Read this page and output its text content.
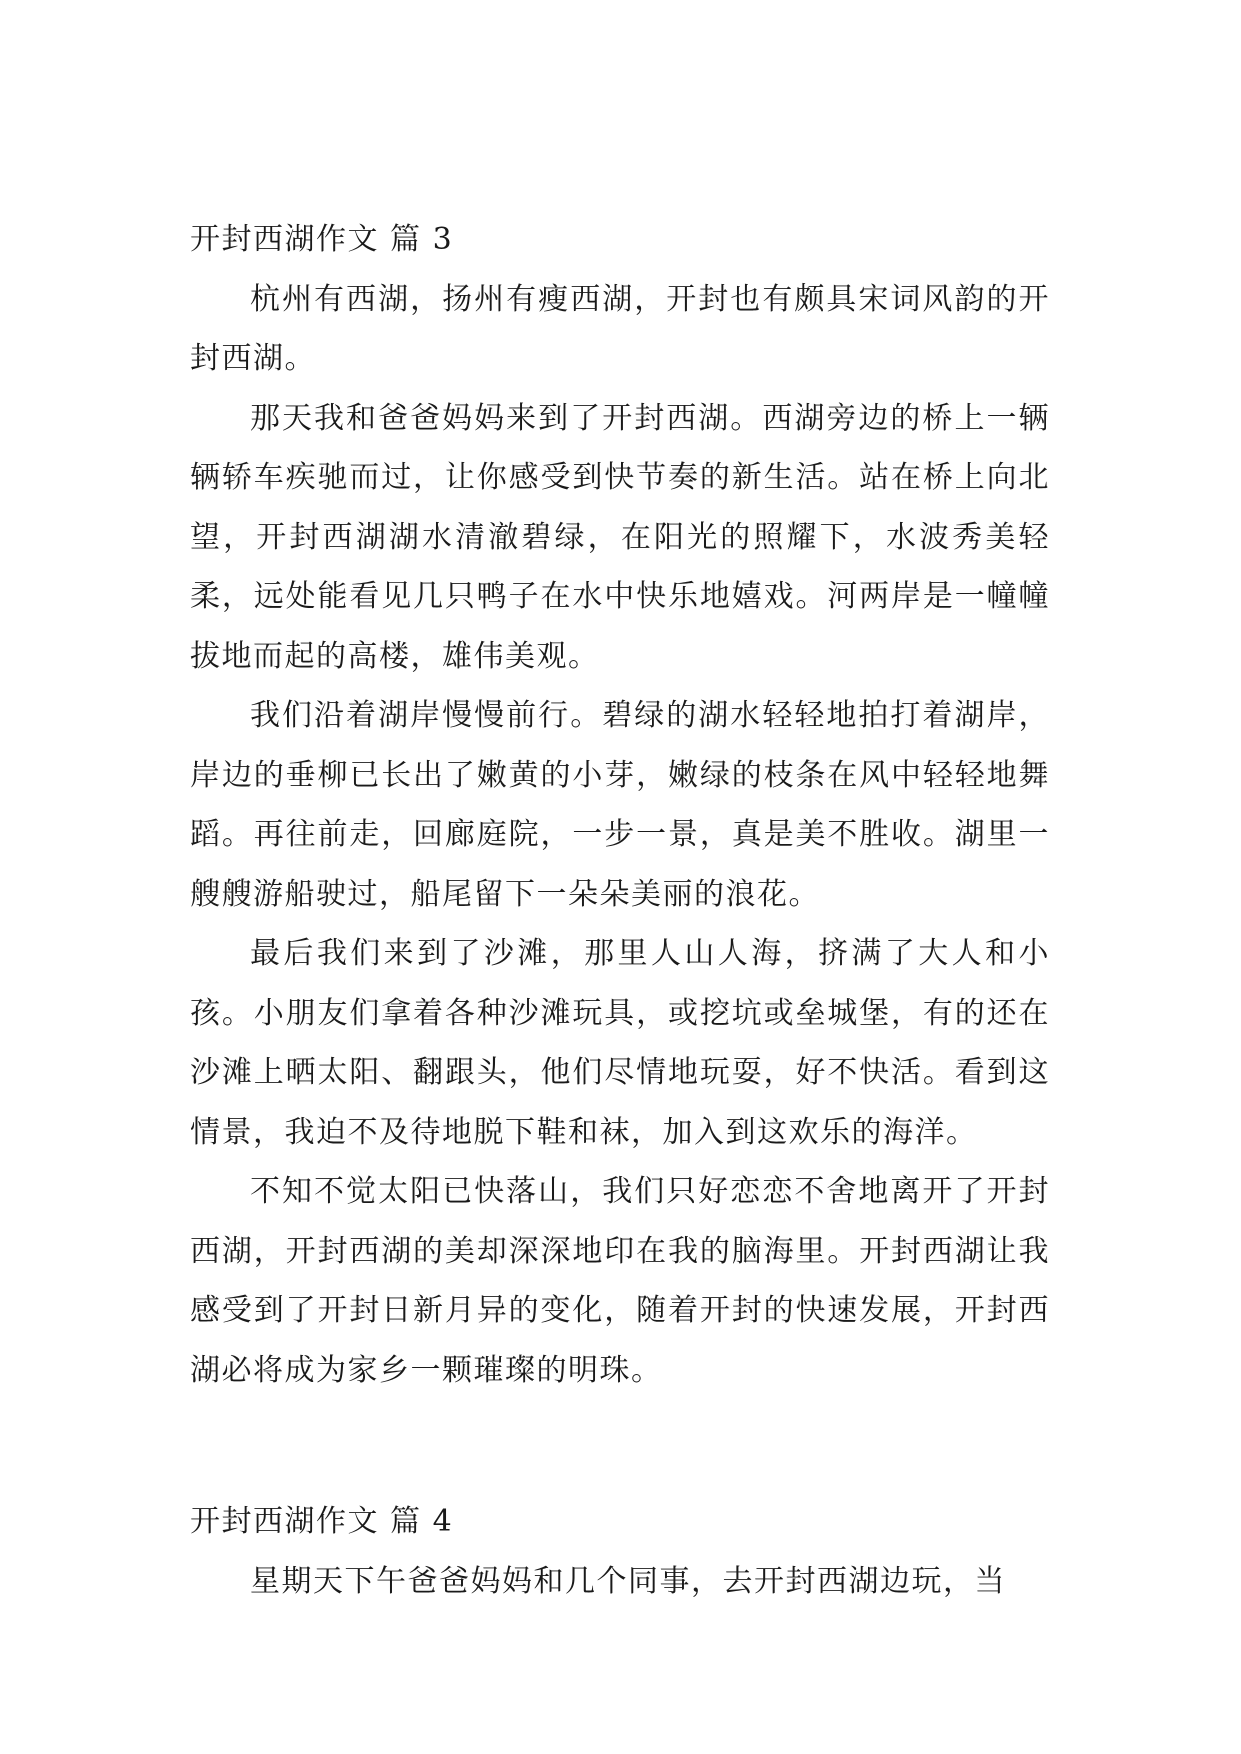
开封西湖作文 篇 3

杭州有西湖，扬州有瘦西湖，开封也有颇具宋词风韵的开封西湖。

那天我和爸爸妈妈来到了开封西湖。西湖旁边的桥上一辆辆轿车疾驰而过，让你感受到快节奏的新生活。站在桥上向北望，开封西湖湖水清澈碧绿，在阳光的照耀下，水波秀美轻柔，远处能看见几只鸭子在水中快乐地嬉戏。河两岸是一幢幢拔地而起的高楼，雄伟美观。

我们沿着湖岸慢慢前行。碧绿的湖水轻轻地拍打着湖岸，岸边的垂柳已长出了嫩黄的小芽，嫩绿的枝条在风中轻轻地舞蹈。再往前走，回廊庭院，一步一景，真是美不胜收。湖里一艘艘游船驶过，船尾留下一朵朵美丽的浪花。

最后我们来到了沙滩，那里人山人海，挤满了大人和小孩。小朋友们拿着各种沙滩玩具，或挖坑或垒城堡，有的还在沙滩上晒太阳、翻跟头，他们尽情地玩耍，好不快活。看到这情景，我迫不及待地脱下鞋和袜，加入到这欢乐的海洋。

不知不觉太阳已快落山，我们只好恋恋不舍地离开了开封西湖，开封西湖的美却深深地印在我的脑海里。开封西湖让我感受到了开封日新月异的变化，随着开封的快速发展，开封西湖必将成为家乡一颗璀璨的明珠。

开封西湖作文 篇 4

星期天下午爸爸妈妈和几个同事，去开封西湖边玩，当
